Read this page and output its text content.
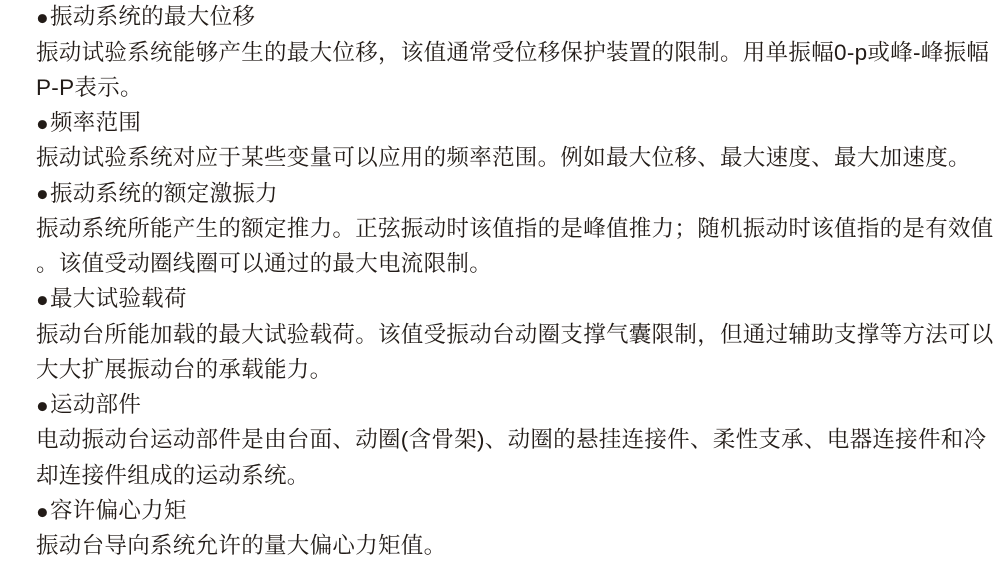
● 振动系统的最大位移
振动试验系统能够产生的最大位移，该值通常受位移保护装置的限制。用单振幅0-p或峰-峰振幅
P-P表示。
● 频率范围
振动试验系统对应于某些变量可以应用的频率范围。例如最大位移、最大速度、最大加速度。
● 振动系统的额定激振力
振动系统所能产生的额定推力。正弦振动时该值指的是峰值推力；随机振动时该值指的是有效值
。该值受动圈线圈可以通过的最大电流限制。
● 最大试验载荷
振动台所能加载的最大试验载荷。该值受振动台动圈支撑气囊限制，但通过辅助支撑等方法可以
大大扩展振动台的承载能力。
● 运动部件
电动振动台运动部件是由台面、动圈(含骨架)、动圈的悬挂连接件、柔性支承、电器连接件和冷
却连接件组成的运动系统。
● 容许偏心力矩
振动台导向系统允许的量大偏心力矩值。
